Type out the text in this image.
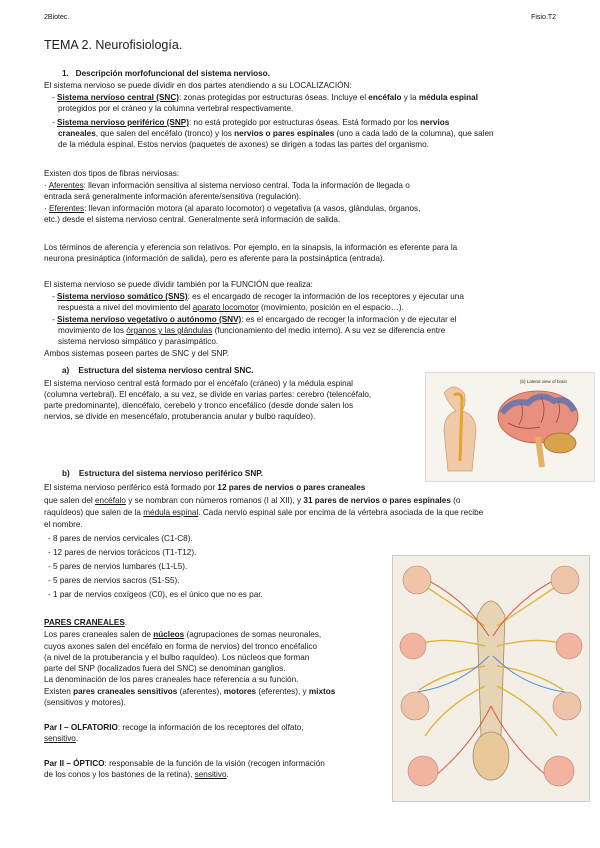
2Biotec.	Fisio.T2
TEMA 2. Neurofisiología.
1. Descripción morfofuncional del sistema nervioso.
El sistema nervioso se puede dividir en dos partes atendiendo a su LOCALIZACIÓN:
- Sistema nervioso central (SNC): zonas protegidas por estructuras óseas. Incluye el encéfalo y la médula espinal
protegidos por el cráneo y la columna vertebral respectivamente.
- Sistema nervioso periférico (SNP): no está protegido por estructuras óseas. Está formado por los nervios
craneales, que salen del encéfalo (tronco) y los nervios o pares espinales (uno a cada lado de la columna), que salen
de la médula espinal. Estos nervios (paquetes de axones) se dirigen a todas las partes del organismo.
Existen dos tipos de fibras nerviosas:
· Aferentes: llevan información sensitiva al sistema nervioso central. Toda la información de llegada o
entrada será generalmente información aferente/sensitiva (regulación).
· Eferentes: llevan información motora (al aparato locomotor) o vegetativa (a vasos, glándulas, órganos,
etc.) desde el sistema nervioso central. Generalmente será información de salida.
Los términos de aferencia y eferencia son relativos. Por ejemplo, en la sinapsis, la información es eferente para la
neurona presináptica (información de salida), pero es aferente para la postsináptica (entrada).
El sistema nervioso se puede dividir también por la FUNCIÓN que realiza:
- Sistema nervioso somático (SNS): es el encargado de recoger la información de los receptores y ejecutar una
respuesta a nivel del movimiento del aparato locomotor (movimiento, posición en el espacio…).
- Sistema nervioso vegetativo o autónomo (SNV): es el encargado de recoger la información y de ejecutar el
movimiento de los órganos y las glándulas (funcionamiento del medio interno). A su vez se diferencia entre
sistema nervioso simpático y parasimpático.
Ambos sistemas poseen partes de SNC y del SNP.
a) Estructura del sistema nervioso central SNC.
El sistema nervioso central está formado por el encéfalo (cráneo) y la médula espinal
(columna vertebral). El encéfalo, a su vez, se divide en varias partes: cerebro (telencéfalo,
parte predominante), diencéfalo, cerebelo y tronco encefálico (desde donde salen los
nervios, se divide en mesencéfalo, protuberancia anular y bulbo raquídeo).
(b) Lateral view of brain
b) Estructura del sistema nervioso periférico SNP.
El sistema nervioso periférico está formado por 12 pares de nervios o pares craneales
que salen del encéfalo y se nombran con números romanos (I al XII), y 31 pares de nervios o pares espinales (o
raquídeos) que salen de la médula espinal. Cada nervio espinal sale por encima de la vértebra asociada de la que recibe
el nombre.
- 8 pares de nervios cervicales (C1-C8).
- 12 pares de nervios torácicos (T1-T12).
- 5 pares de nervios lumbares (L1-L5).
- 5 pares de nervios sacros (S1-S5).
- 1 par de nervios coxígeos (C0), es el único que no es par.
PARES CRANEALES.
Los pares craneales salen de núcleos (agrupaciones de somas neuronales,
cuyos axones salen del encéfalo en forma de nervios) del tronco encéfalico
(a nivel de la protuberancia y el bulbo raquídeo). Los núcleos que forman
parte del SNP (localizados fuera del SNC) se denominan ganglios.
La denominación de los pares craneales hace referencia a su función.
Existen pares craneales sensitivos (aferentes), motores (eferentes), y mixtos
(sensitivos y motores).
Par I – OLFATORIO: recoge la información de los receptores del olfato,
sensitivo.
Par II – ÓPTICO: responsable de la función de la visión (recogen información
de los conos y los bastones de la retina), sensitivo.
